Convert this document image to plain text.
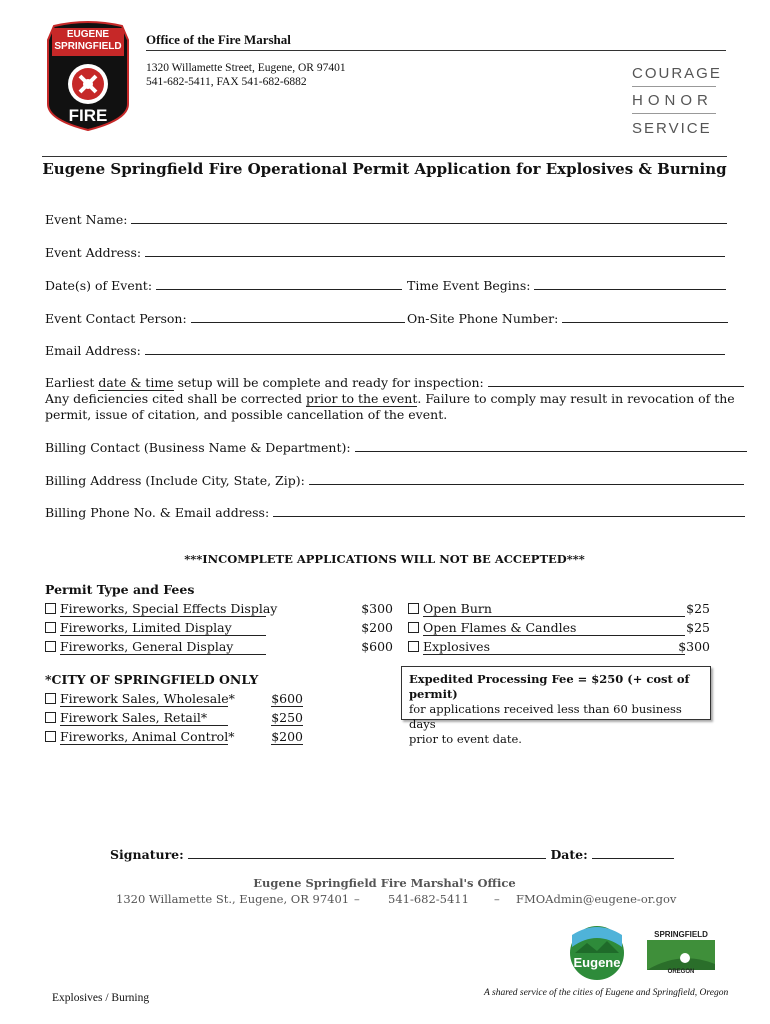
EUGENE SPRINGFIELD
FIRE
Office of the Fire Marshal
1320 Willamette Street, Eugene, OR 97401
541-682-5411, FAX 541-682-6882	COURAGE
HONOR
SERVICE
Eugene Springfield Fire Operational Permit Application for Explosives & Burning
Event Name:
Event Address:
Date(s) of Event:	Time Event Begins:
Event Contact Person:	On-Site Phone Number:
Email Address:
Earliest date & time setup will be complete and ready for inspection:
Any deficiencies cited shall be corrected prior to the event. Failure to comply may result in revocation of the
permit, issue of citation, and possible cancellation of the event.
Billing Contact (Business Name & Department):
Billing Address (Include City, State, Zip):
Billing Phone No. & Email address:
***INCOMPLETE APPLICATIONS WILL NOT BE ACCEPTED***
Permit Type and Fees
Fireworks, Special Effects Display	$300
Fireworks, Limited Display	$200
Fireworks, General Display	$600
Open Burn	$25
Open Flames & Candles	$25
Explosives	$300
*CITY OF SPRINGFIELD ONLY
Firework Sales, Wholesale*	$600
Firework Sales, Retail*	$250
Fireworks, Animal Control*	$200
Expedited Processing Fee = $250 (+ cost of permit)
for applications received less than 60 business days
prior to event date.
Signature:	Date:
Eugene Springfield Fire Marshal's Office
1320 Willamette St., Eugene, OR 97401 – 541-682-5411 – FMOAdmin@eugene-or.gov
Eugene
SPRINGFIELD
OREGON
Explosives / Burning	A shared service of the cities of Eugene and Springfield, Oregon
